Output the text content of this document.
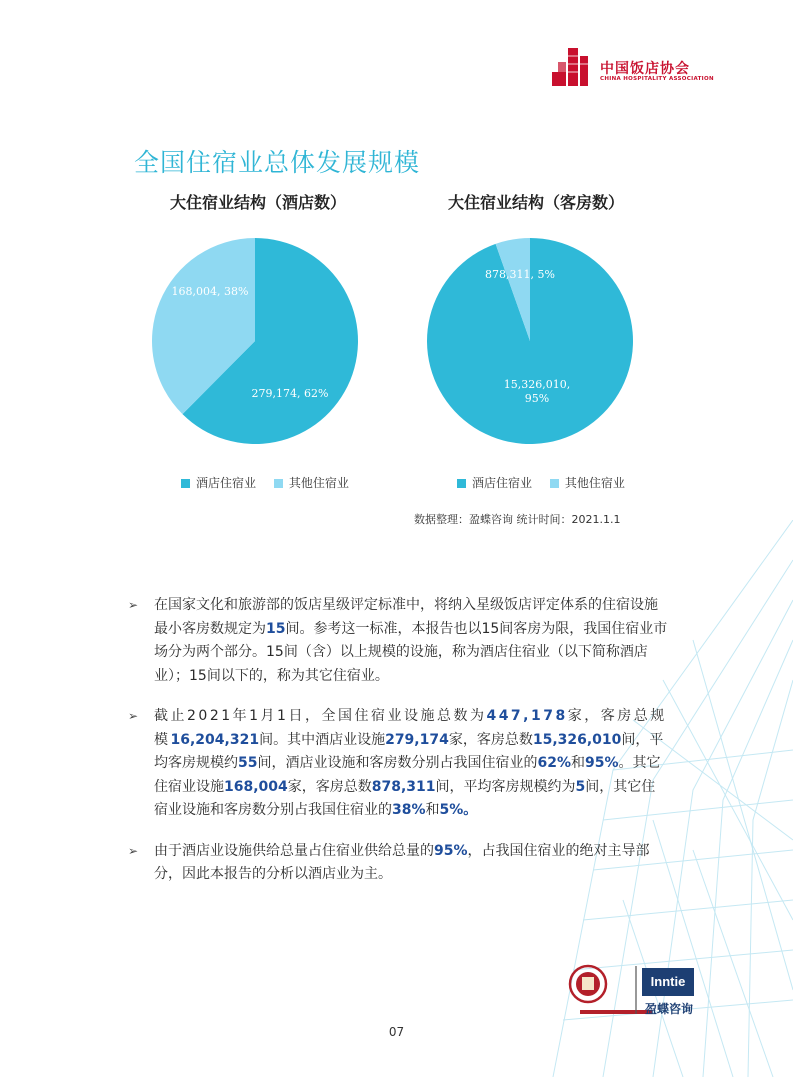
中国饭店协会
CHINA HOSPITALITY ASSOCIATION
全国住宿业总体发展规模
大住宿业结构（酒店数）
279,174, 62%
168,004, 38%
酒店住宿业	其他住宿业
大住宿业结构（客房数）
15,326,010, 95%
878,311, 5%
酒店住宿业	其他住宿业
数据整理：盈蝶咨询 统计时间：2021.1.1
➢ 在国家文化和旅游部的饭店星级评定标准中，将纳入星级饭店评定体系的住宿设施最小客房数规定为15间。参考这一标准，本报告也以15间客房为限，我国住宿业市场分为两个部分。15间（含）以上规模的设施，称为酒店住宿业（以下简称酒店业）；15间以下的，称为其它住宿业。
➢ 截止2021年1月1日，全国住宿业设施总数为447,178家，客房总规模16,204,321间。其中酒店业设施279,174家，客房总数15,326,010间，平均客房规模约55间，酒店业设施和客房数分别占我国住宿业的62%和95%。其它住宿业设施168,004家，客房总数878,311间，平均客房规模约为5间，其它住宿业设施和客房数分别占我国住宿业的38%和5%。
➢ 由于酒店业设施供给总量占住宿业供给总量的95%，占我国住宿业的绝对主导部分，因此本报告的分析以酒店业为主。
Inntie
盈蝶咨询
07
